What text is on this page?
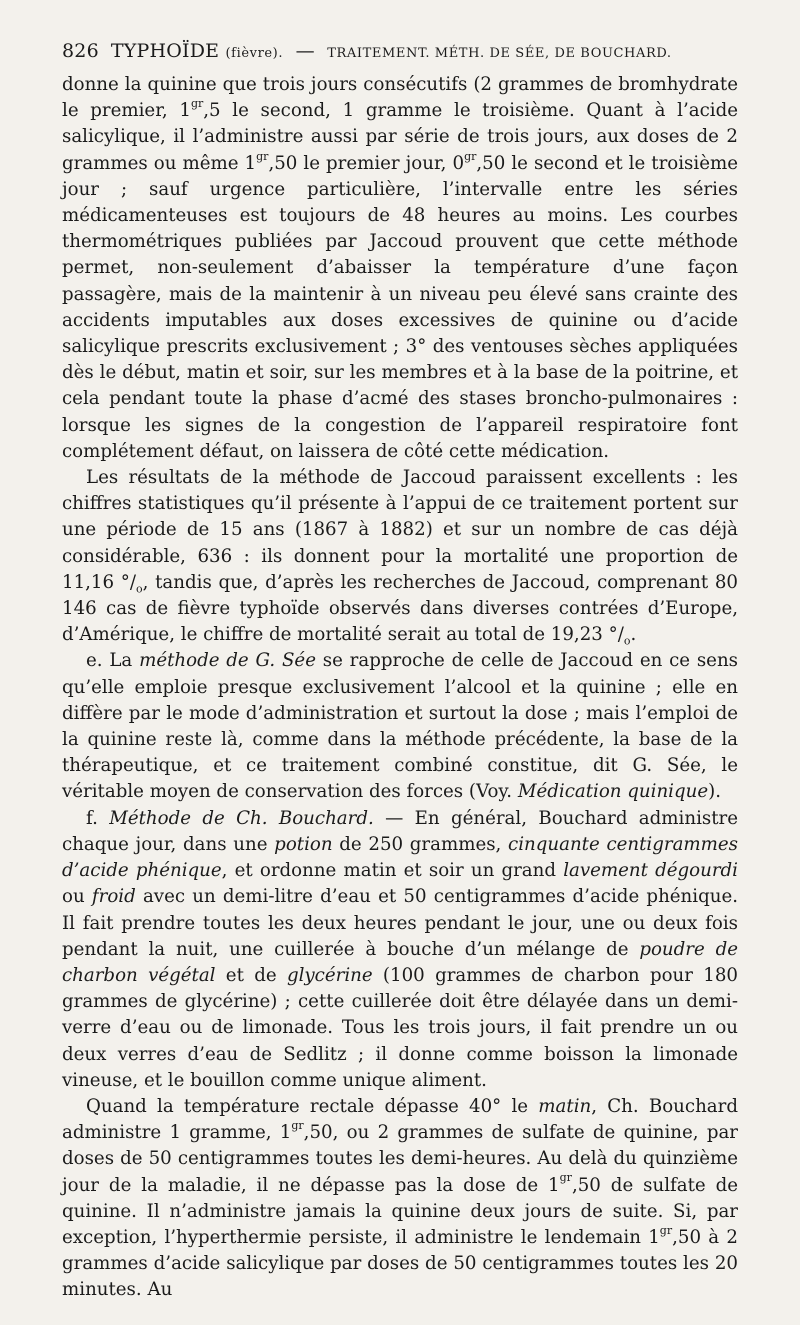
826 TYPHOÏDE
(fièvre).
—
TRAITEMENT. MÉTH. DE SÉE, DE BOUCHARD.

donne la quinine que trois jours consécutifs (2 grammes de bromhydrate le premier, $1^{gr},5$ le second, 1 gramme le troisième. Quant à l’acide salicylique, il l’administre aussi par série de trois jours, aux doses de 2 grammes ou même $1^{gr},50$ le premier jour, $0^{gr},50$ le second et le troisième jour ; sauf urgence particulière, l’intervalle entre les séries médicamenteuses est toujours de 48 heures au moins. Les courbes thermométriques publiées par Jaccoud prouvent que cette méthode permet, non-seulement d’abaisser la température d’une façon passagère, mais de la maintenir à un niveau peu élevé sans crainte des accidents imputables aux doses excessives de quinine ou d’acide salicylique prescrits exclusivement ; 3° des ventouses sèches appliquées dès le début, matin et soir, sur les membres et à la base de la poitrine, et cela pendant toute la phase d’acmé des stases broncho-pulmonaires : lorsque les signes de la congestion de l’appareil respiratoire font complétement défaut, on laissera de côté cette médication.

Les résultats de la méthode de Jaccoud paraissent excellents : les chiffres statistiques qu’il présente à l’appui de ce traitement portent sur une période de 15 ans (1867 à 1882) et sur un nombre de cas déjà considérable, 636 : ils donnent pour la mortalité une proportion de 11,16 $^\circ/_o$, tandis que, d’après les recherches de Jaccoud, comprenant 80 146 cas de fièvre typhoïde observés dans diverses contrées d’Europe, d’Amérique, le chiffre de mortalité serait au total de 19,23 $^\circ/_o$.

e. La méthode de G. Sée se rapproche de celle de Jaccoud en ce sens qu’elle emploie presque exclusivement l’alcool et la quinine ; elle en diffère par le mode d’administration et surtout la dose ; mais l’emploi de la quinine reste là, comme dans la méthode précédente, la base de la thérapeutique, et ce traitement combiné constitue, dit G. Sée, le véritable moyen de conservation des forces (Voy. Médication quinique).

f. Méthode de Ch. Bouchard. — En général, Bouchard administre chaque jour, dans une potion de 250 grammes, cinquante centigrammes d’acide phénique, et ordonne matin et soir un grand lavement dégourdi ou froid avec un demi-litre d’eau et 50 centigrammes d’acide phénique. Il fait prendre toutes les deux heures pendant le jour, une ou deux fois pendant la nuit, une cuillerée à bouche d’un mélange de poudre de charbon végétal et de glycérine (100 grammes de charbon pour 180 grammes de glycérine) ; cette cuillerée doit être délayée dans un demi-verre d’eau ou de limonade. Tous les trois jours, il fait prendre un ou deux verres d’eau de Sedlitz ; il donne comme boisson la limonade vineuse, et le bouillon comme unique aliment.

Quand la température rectale dépasse 40° le matin, Ch. Bouchard administre 1 gramme, $1^{gr},50$, ou 2 grammes de sulfate de quinine, par doses de 50 centigrammes toutes les demi-heures. Au delà du quinzième jour de la maladie, il ne dépasse pas la dose de $1^{gr},50$ de sulfate de quinine. Il n’administre jamais la quinine deux jours de suite. Si, par exception, l’hyperthermie persiste, il administre le lendemain $1^{gr},50$ à 2 grammes d’acide salicylique par doses de 50 centigrammes toutes les 20 minutes. Au
